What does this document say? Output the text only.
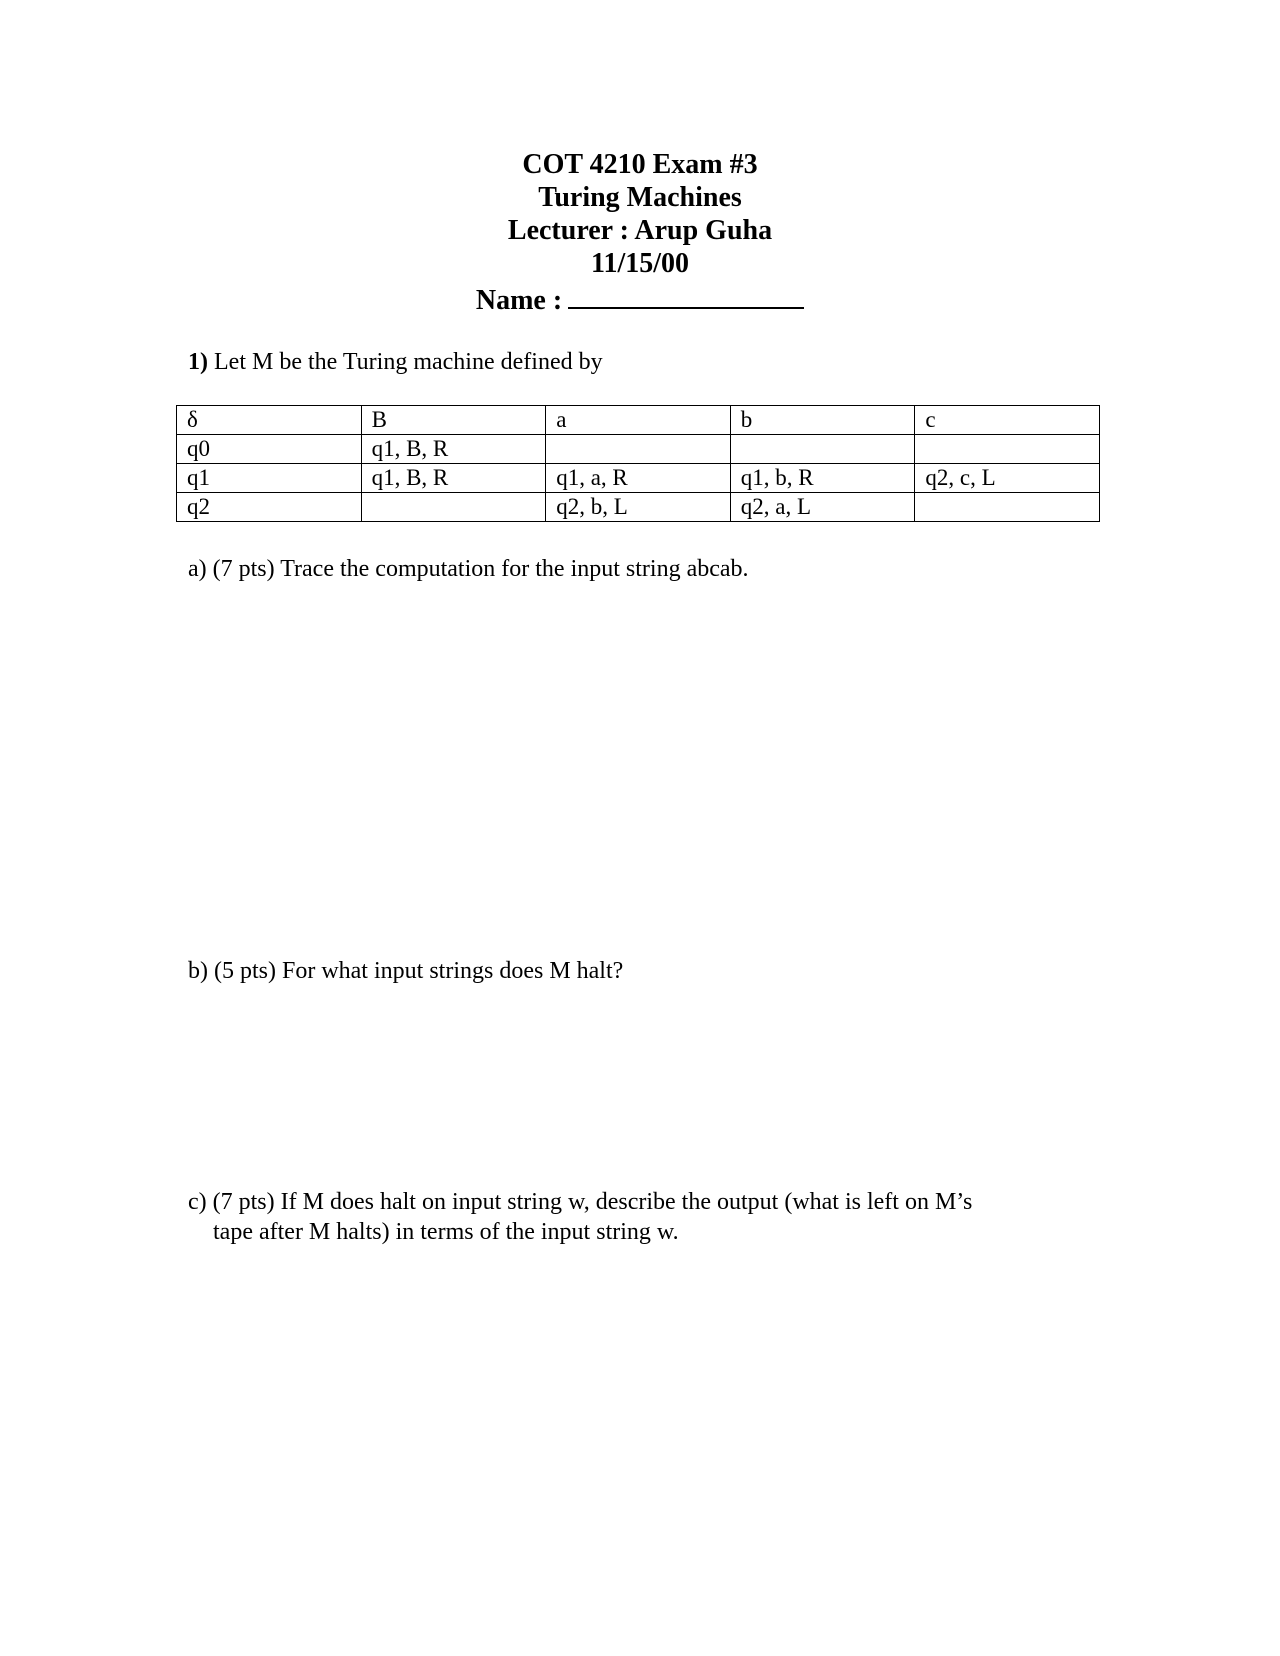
COT 4210 Exam #3
Turing Machines
Lecturer : Arup Guha
11/15/00
Name :
1) Let M be the Turing machine defined by
δ	B	a	b	c
q0	q1, B, R			
q1	q1, B, R	q1, a, R	q1, b, R	q2, c, L
q2		q2, b, L	q2, a, L	
a) (7 pts) Trace the computation for the input string abcab.
b) (5 pts) For what input strings does M halt?
c) (7 pts) If M does halt on input string w, describe the output (what is left on M’s
tape after M halts) in terms of the input string w.
